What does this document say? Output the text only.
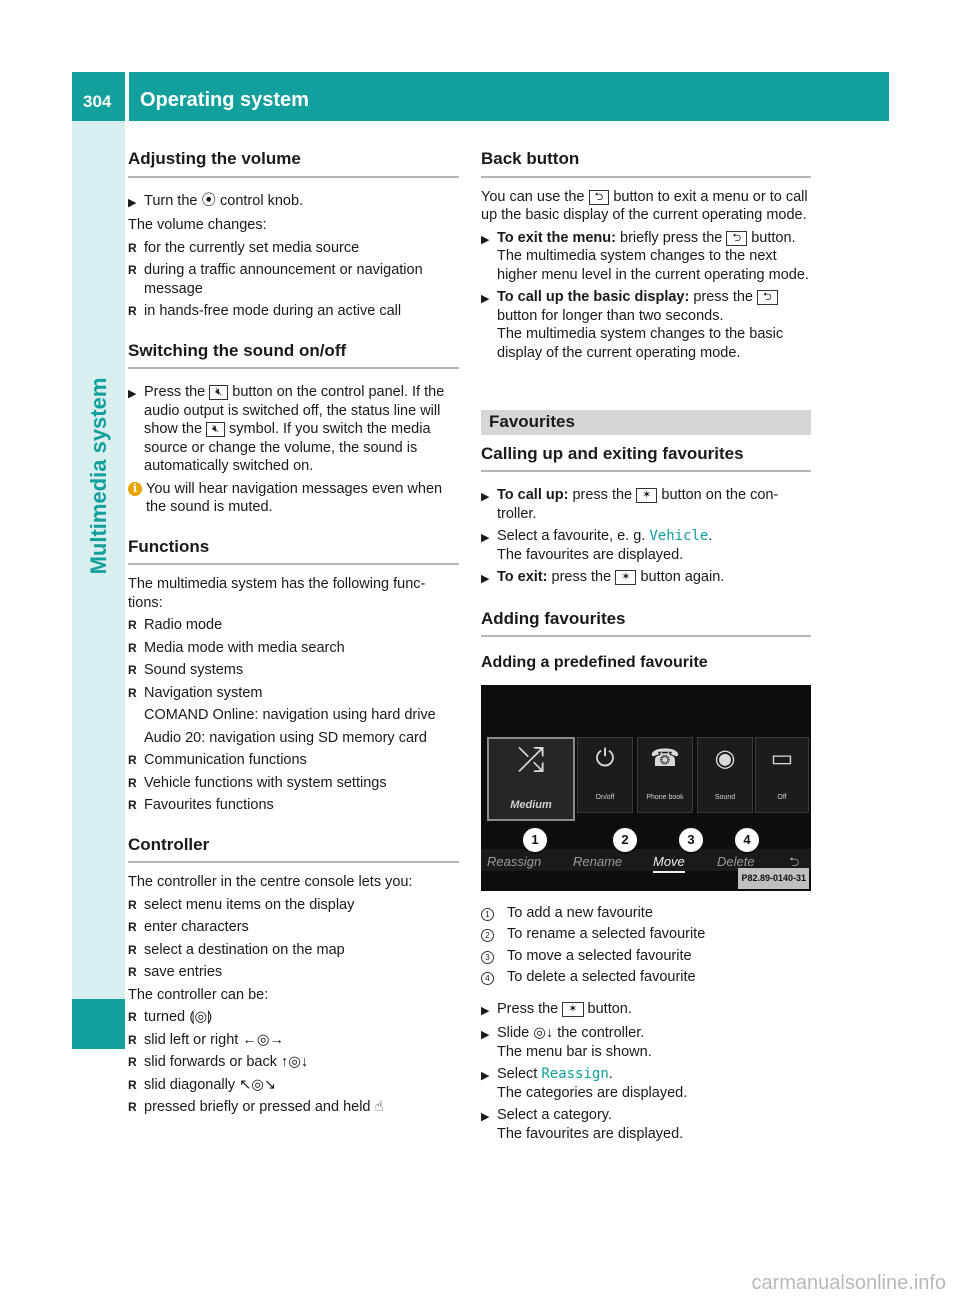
304 Operating system
Multimedia system
Adjusting the volume
▶ Turn the ⦿ control knob.

The volume changes:

R for the currently set media source
R during a traffic announcement or navigation message
R in hands-free mode during an active call
Switching the sound on/off
▶ Press the 🔇︎ button on the control panel. If the audio output is switched off, the status line will show the 🔇︎ symbol. If you switch the media source or change the volume, the sound is automatically switched on.
i You will hear navigation messages even when the sound is muted.
Functions

The multimedia system has the following func-tions:

R Radio mode
R Media mode with media search
R Sound systems
R Navigation system

COMAND Online: navigation using hard drive

Audio 20: navigation using SD memory card

R Communication functions
R Vehicle functions with system settings
R Favourites functions
Controller

The controller in the centre console lets you:

R select menu items on the display
R enter characters
R select a destination on the map
R save entries

The controller can be:

R turned ⟬◎⟭
R slid left or right ←◎→
R slid forwards or back ↑◎↓
R slid diagonally ↖◎↘
R pressed briefly or pressed and held ☝
Back button

You can use the ⮌ button to exit a menu or to call up the basic display of the current operating mode.

▶ To exit the menu: briefly press the ⮌ button.
The multimedia system changes to the next higher menu level in the current operating mode.
▶ To call up the basic display: press the ⮌ button for longer than two seconds.
The multimedia system changes to the basic display of the current operating mode.
Favourites
Calling up and exiting favourites
▶ To call up: press the ✶ button on the con-troller.
▶ Select a favourite, e. g. Vehicle.
The favourites are displayed.
▶ To exit: press the ✶ button again.
Adding favourites
Adding a predefined favourite
⤮
Medium
⏻
On/off
☎
Phone book
◉
Sound
▭
Off
Reassign Rename Move Delete	⮌
1	2	3	4
P82.89-0140-31
1	To add a new favourite
2	To rename a selected favourite
3	To move a selected favourite
4	To delete a selected favourite
▶ Press the ✶ button.
▶ Slide ◎↓ the controller.
The menu bar is shown.
▶ Select Reassign.
The categories are displayed.
▶ Select a category.
The favourites are displayed.
carmanualsonline.info
